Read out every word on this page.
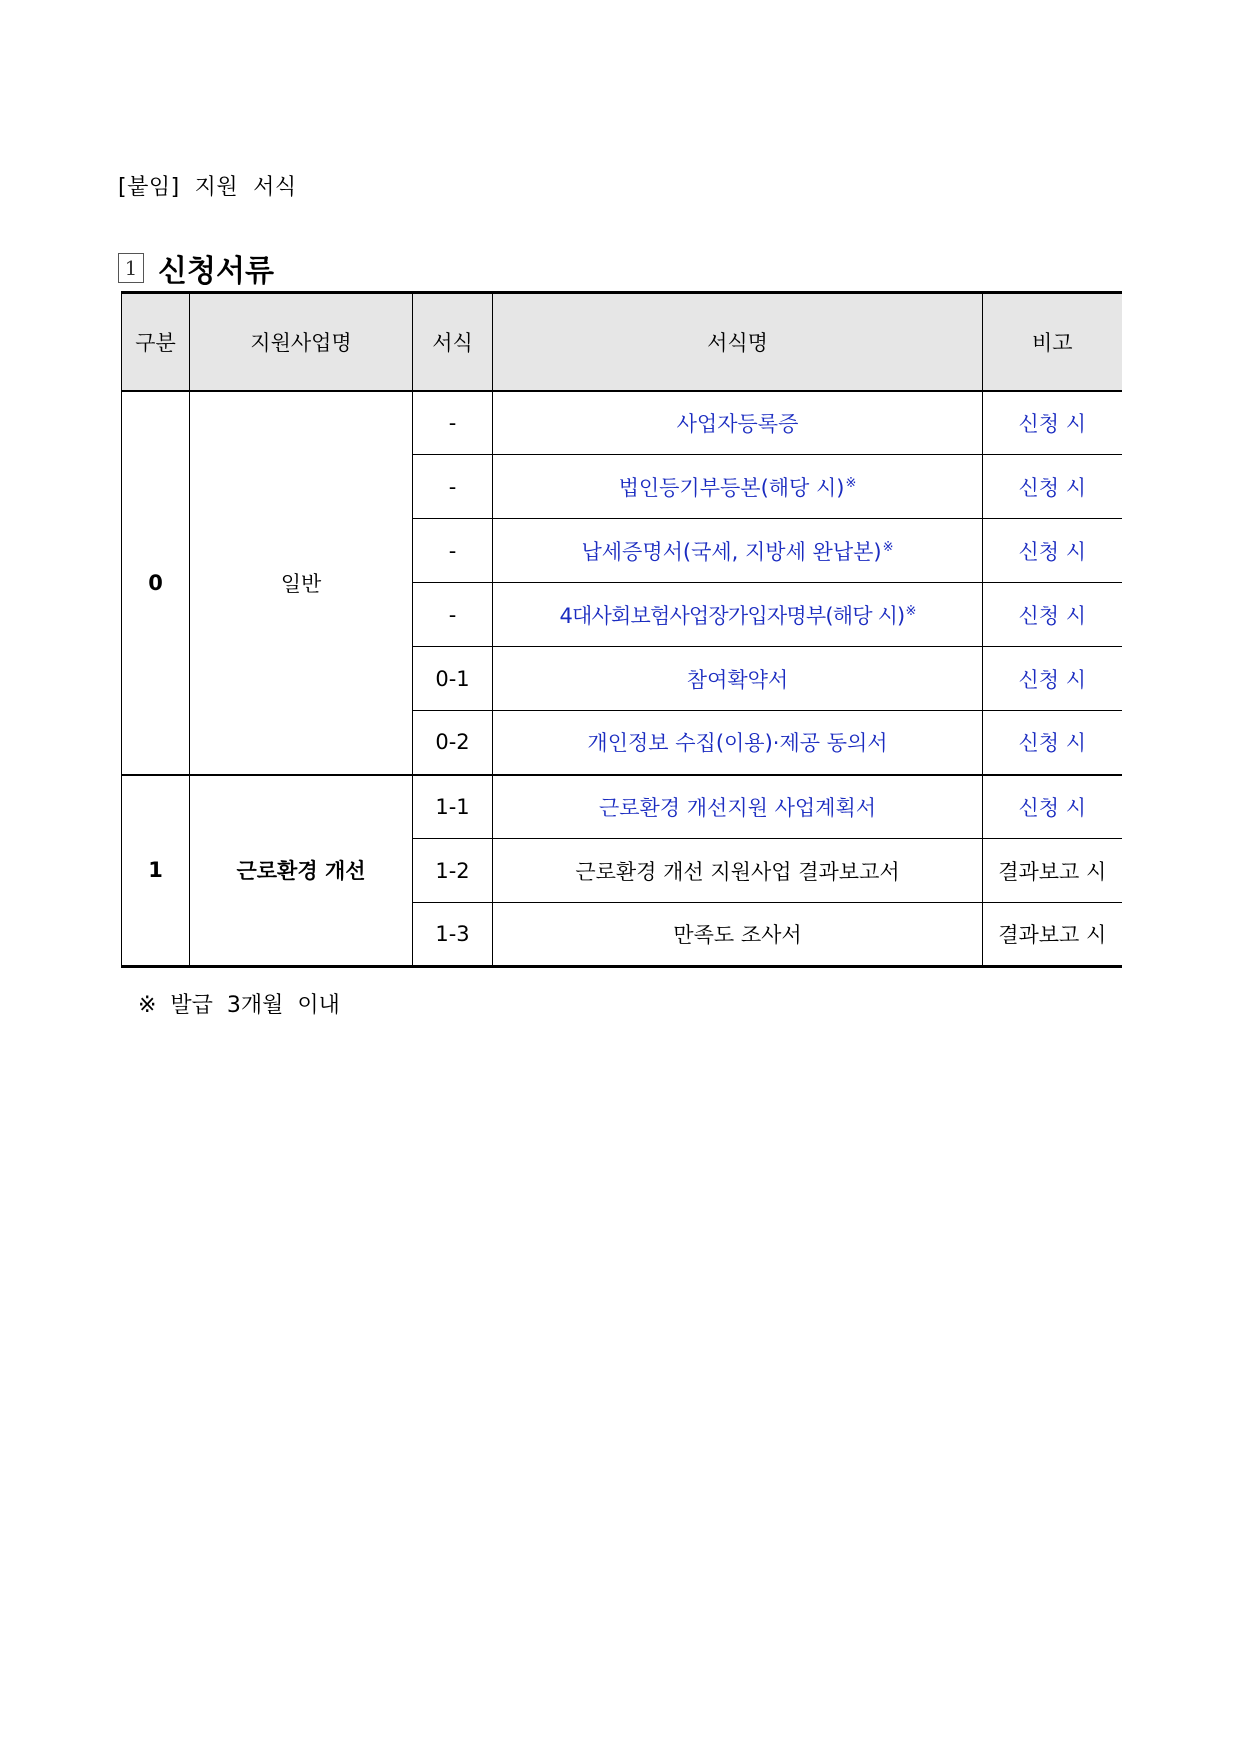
[붙임]  지원  서식
1 신청서류
구분	지원사업명	서식	서식명	비고
0	일반	-	사업자등록증	신청 시
		-	법인등기부등본(해당 시)※	신청 시
		-	납세증명서(국세, 지방세 완납본)※	신청 시
		-	4대사회보험사업장가입자명부(해당 시)※	신청 시
		0-1	참여확약서	신청 시
		0-2	개인정보 수집(이용)·제공 동의서	신청 시
1	근로환경 개선	1-1	근로환경 개선지원 사업계획서	신청 시
		1-2	근로환경 개선 지원사업 결과보고서	결과보고 시
		1-3	만족도 조사서	결과보고 시
※  발급  3개월  이내
